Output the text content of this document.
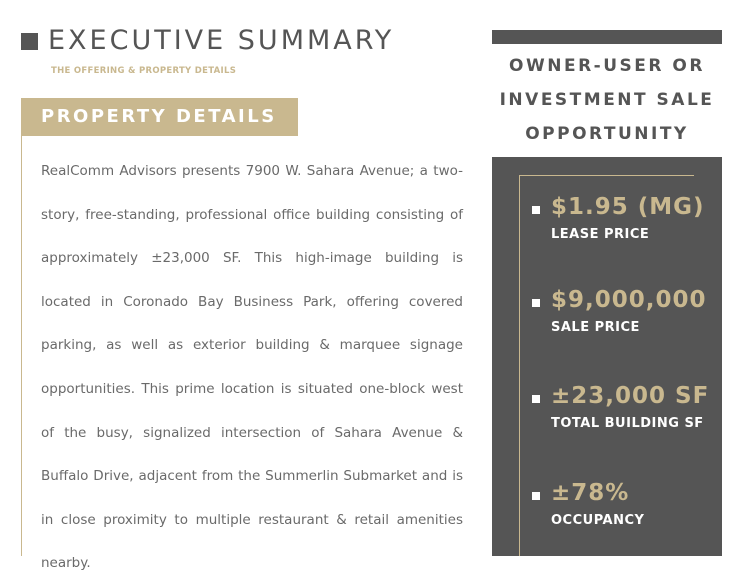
EXECUTIVE SUMMARY
THE OFFERING & PROPERTY DETAILS
PROPERTY DETAILS
RealComm Advisors presents 7900 W. Sahara Avenue; a two-story, free-standing, professional office building consisting of approximately ±23,000 SF. This high-image building is located in Coronado Bay Business Park, offering covered parking, as well as exterior building & marquee signage opportunities. This prime location is situated one-block west of the busy, signalized intersection of Sahara Avenue & Buffalo Drive, adjacent from the Summerlin Submarket and is in close proximity to multiple restaurant & retail amenities nearby.
OWNER-USER OR
INVESTMENT SALE
OPPORTUNITY
$1.95 (MG)
LEASE PRICE
$9,000,000
SALE PRICE
±23,000 SF
TOTAL BUILDING SF
±78%
OCCUPANCY
